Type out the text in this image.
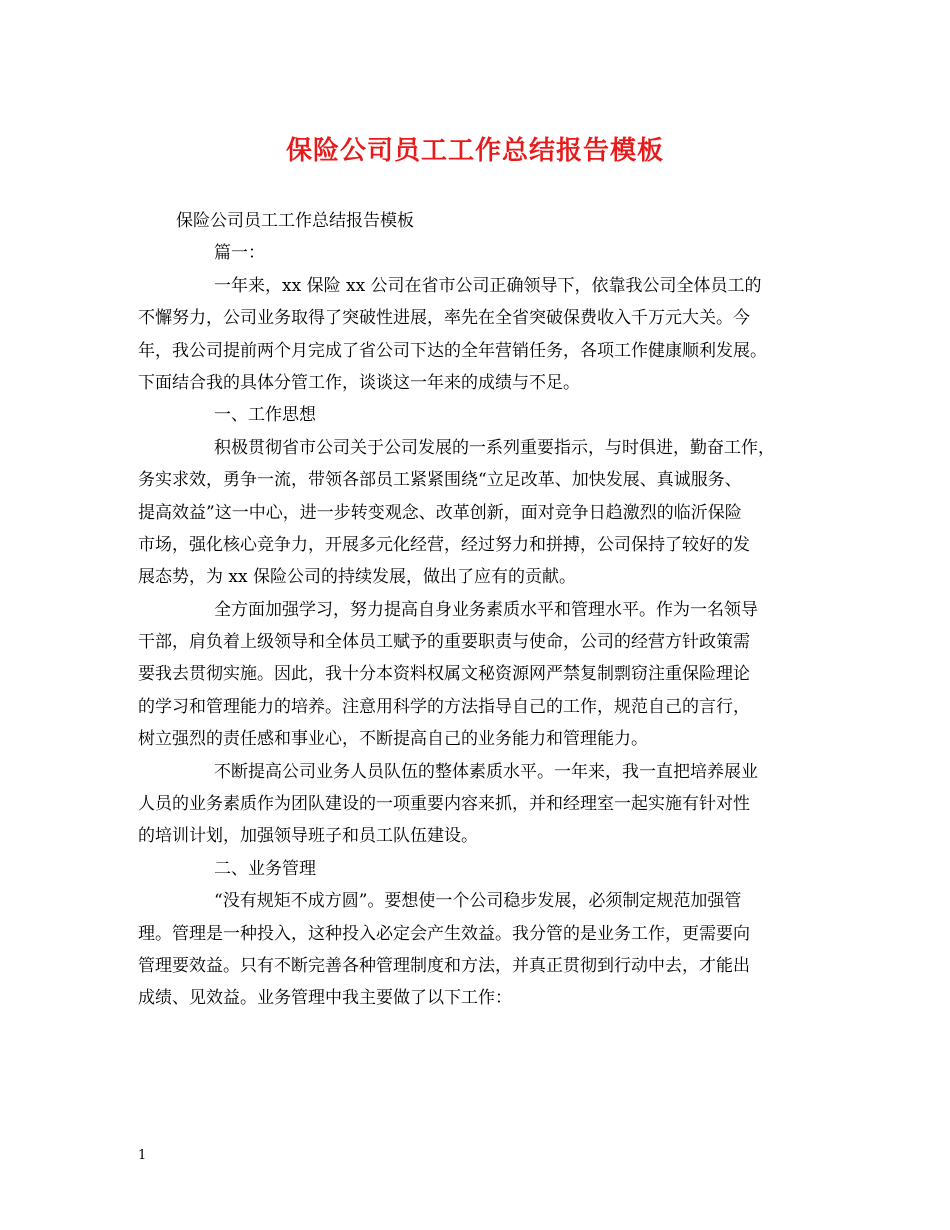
保险公司员工工作总结报告模板

保险公司员工工作总结报告模板

篇一：

一年来，xx 保险 xx 公司在省市公司正确领导下，依靠我公司全体员工的

不懈努力，公司业务取得了突破性进展，率先在全省突破保费收入千万元大关。今

年，我公司提前两个月完成了省公司下达的全年营销任务，各项工作健康顺利发展。

下面结合我的具体分管工作，谈谈这一年来的成绩与不足。

一、工作思想

积极贯彻省市公司关于公司发展的一系列重要指示，与时俱进，勤奋工作，

务实求效，勇争一流，带领各部员工紧紧围绕“立足改革、加快发展、真诚服务、

提高效益”这一中心，进一步转变观念、改革创新，面对竞争日趋激烈的临沂保险

市场，强化核心竞争力，开展多元化经营，经过努力和拼搏，公司保持了较好的发

展态势，为 xx 保险公司的持续发展，做出了应有的贡献。

全方面加强学习，努力提高自身业务素质水平和管理水平。作为一名领导

干部，肩负着上级领导和全体员工赋予的重要职责与使命，公司的经营方针政策需

要我去贯彻实施。因此，我十分本资料权属文秘资源网严禁复制剽窃注重保险理论

的学习和管理能力的培养。注意用科学的方法指导自己的工作，规范自己的言行，

树立强烈的责任感和事业心，不断提高自己的业务能力和管理能力。

不断提高公司业务人员队伍的整体素质水平。一年来，我一直把培养展业

人员的业务素质作为团队建设的一项重要内容来抓，并和经理室一起实施有针对性

的培训计划，加强领导班子和员工队伍建设。

二、业务管理

“没有规矩不成方圆”。要想使一个公司稳步发展，必须制定规范加强管

理。管理是一种投入，这种投入必定会产生效益。我分管的是业务工作，更需要向

管理要效益。只有不断完善各种管理制度和方法，并真正贯彻到行动中去，才能出

成绩、见效益。业务管理中我主要做了以下工作：

1
